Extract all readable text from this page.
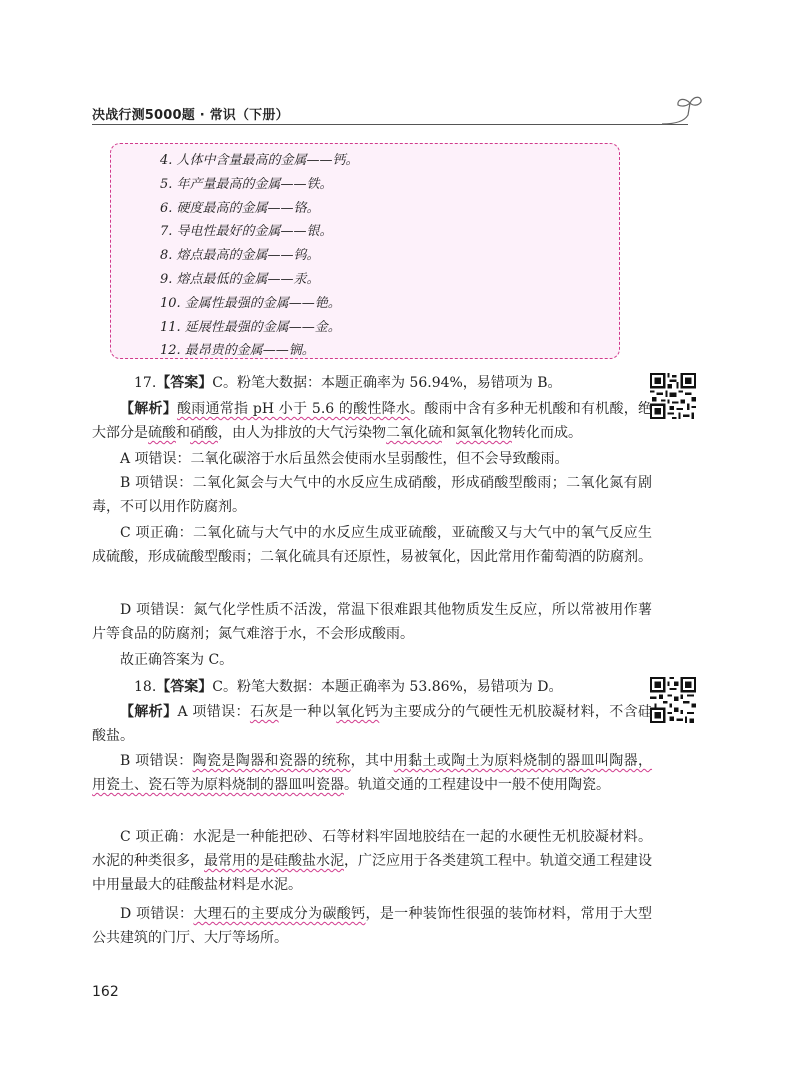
决战行测5000题 · 常识（下册）
4. 人体中含量最高的金属——钙。
5. 年产量最高的金属——铁。
6. 硬度最高的金属——铬。
7. 导电性最好的金属——银。
8. 熔点最高的金属——钨。
9. 熔点最低的金属——汞。
10. 金属性最强的金属——铯。
11. 延展性最强的金属——金。
12. 最昂贵的金属——锎。
17.【答案】C。粉笔大数据：本题正确率为 56.94%，易错项为 B。

【解析】酸雨通常指 pH 小于 5.6 的酸性降水。酸雨中含有多种无机酸和有机酸，绝大部分是硫酸和硝酸，由人为排放的大气污染物二氧化硫和氮氧化物转化而成。

A 项错误：二氧化碳溶于水后虽然会使雨水呈弱酸性，但不会导致酸雨。

B 项错误：二氧化氮会与大气中的水反应生成硝酸，形成硝酸型酸雨；二氧化氮有剧毒，不可以用作防腐剂。

C 项正确：二氧化硫与大气中的水反应生成亚硫酸，亚硫酸又与大气中的氧气反应生成硫酸，形成硫酸型酸雨；二氧化硫具有还原性，易被氧化，因此常用作葡萄酒的防腐剂。

D 项错误：氮气化学性质不活泼，常温下很难跟其他物质发生反应，所以常被用作薯片等食品的防腐剂；氮气难溶于水，不会形成酸雨。

故正确答案为 C。

18.【答案】C。粉笔大数据：本题正确率为 53.86%，易错项为 D。

【解析】A 项错误：石灰是一种以氧化钙为主要成分的气硬性无机胶凝材料，不含硅酸盐。

B 项错误：陶瓷是陶器和瓷器的统称，其中用黏土或陶土为原料烧制的器皿叫陶器，用瓷土、瓷石等为原料烧制的器皿叫瓷器。轨道交通的工程建设中一般不使用陶瓷。

C 项正确：水泥是一种能把砂、石等材料牢固地胶结在一起的水硬性无机胶凝材料。水泥的种类很多，最常用的是硅酸盐水泥，广泛应用于各类建筑工程中。轨道交通工程建设中用量最大的硅酸盐材料是水泥。

D 项错误：大理石的主要成分为碳酸钙，是一种装饰性很强的装饰材料，常用于大型公共建筑的门厅、大厅等场所。

162
